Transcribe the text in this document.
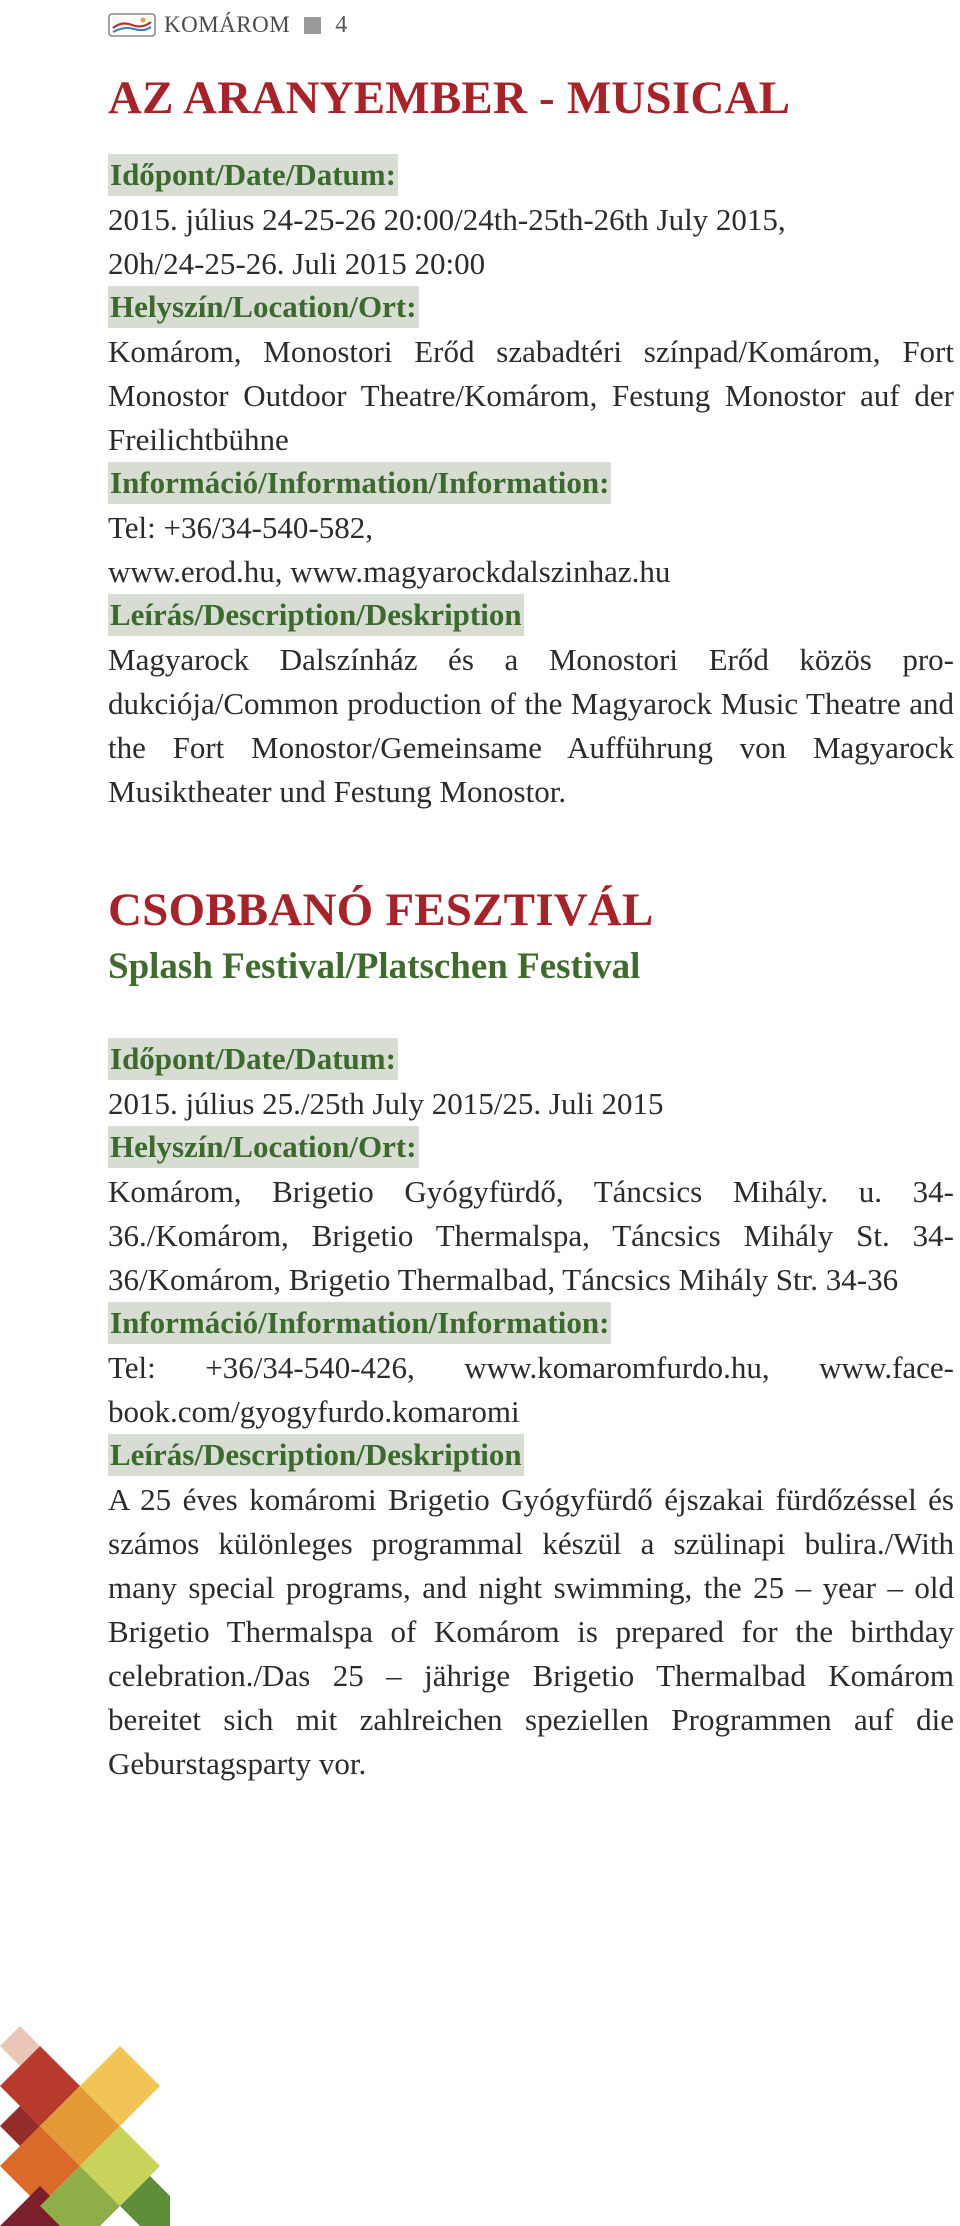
KOMÁROM 4
AZ ARANYEMBER - MUSICAL
Időpont/Date/Datum:

2015. július 24-25-26 20:00/24th-25th-26th July 2015,

20h/24-25-26. Juli 2015 20:00

Helyszín/Location/Ort:

Komárom, Monostori Erőd szabadtéri színpad/Komárom, Fort Monostor Outdoor Theatre/Komárom, Festung Monostor auf der Freilichtbühne

Információ/Information/Information:

Tel: +36/34-540-582,

www.erod.hu, www.magyarockdalszinhaz.hu

Leírás/Description/Deskription

Magyarock Dalszínház és a Monostori Erőd közös produkciója/Common production of the Magyarock Music Theatre and the Fort Monostor/Gemeinsame Aufführung von Magyarock Musiktheater und Festung Monostor.

CSOBBANÓ FESZTIVÁL
Splash Festival/Platschen Festival
Időpont/Date/Datum:

2015. július 25./25th July 2015/25. Juli 2015

Helyszín/Location/Ort:

Komárom, Brigetio Gyógyfürdő, Táncsics Mihály. u. 34-36./Komárom, Brigetio Thermalspa, Táncsics Mihály St. 34-36/Komárom, Brigetio Thermalbad, Táncsics Mihály Str. 34-36

Információ/Information/Information:

Tel: +36/34-540-426, www.komaromfurdo.hu, www.facebook.com/gyogyfurdo.komaromi

Leírás/Description/Deskription

A 25 éves komáromi Brigetio Gyógyfürdő éjszakai fürdőzéssel és számos különleges programmal készül a szülinapi bulira./With many special programs, and night swimming, the 25 – year – old Brigetio Thermalspa of Komárom is prepared for the birthday celebration./Das 25 – jährige Brigetio Thermalbad Komárom bereitet sich mit zahlreichen speziellen Programmen auf die Geburstagsparty vor.
